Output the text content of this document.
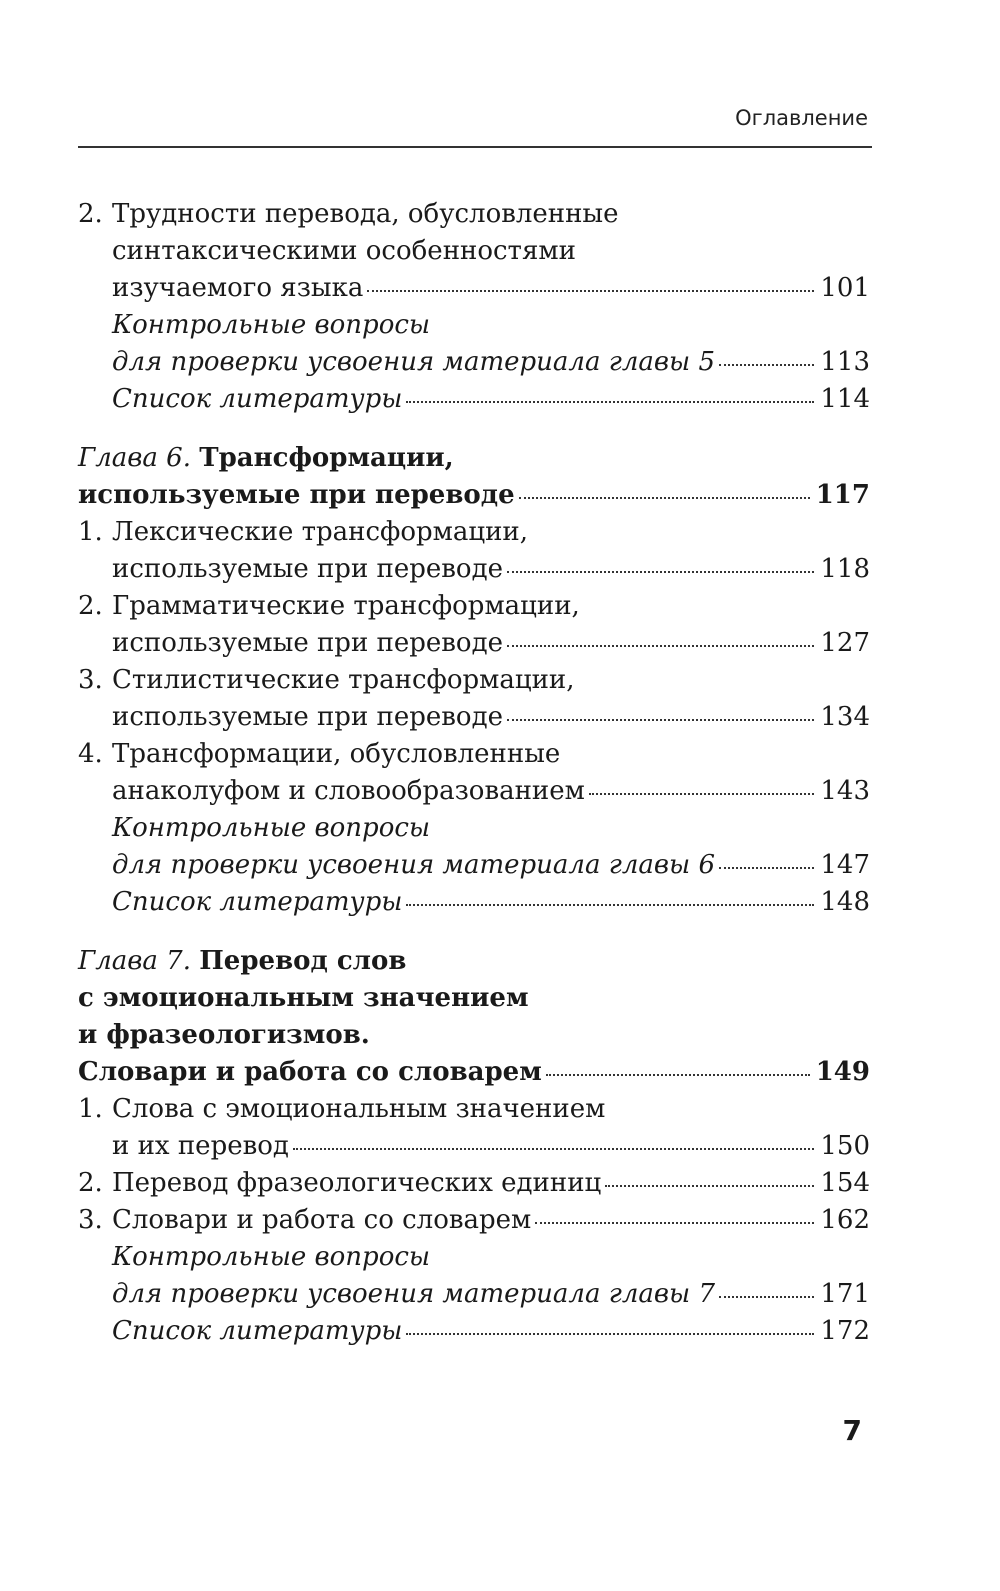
Оглавление
2. Трудности перевода, обусловленные
синтаксическими особенностями
изучаемого языка	101
Контрольные вопросы
для проверки усвоения материала главы 5	113
Список литературы	114
Глава 6. Трансформации,
используемые при переводе	117
1. Лексические трансформации,
используемые при переводе	118
2. Грамматические трансформации,
используемые при переводе	127
3. Стилистические трансформации,
используемые при переводе	134
4. Трансформации, обусловленные
анаколуфом и словообразованием	143
Контрольные вопросы
для проверки усвоения материала главы 6	147
Список литературы	148
Глава 7. Перевод слов
с эмоциональным значением
и фразеологизмов.
Словари и работа со словарем	149
1. Слова с эмоциональным значением
и их перевод	150
2. Перевод фразеологических единиц	154
3. Словари и работа со словарем	162
Контрольные вопросы
для проверки усвоения материала главы 7	171
Список литературы	172
7
